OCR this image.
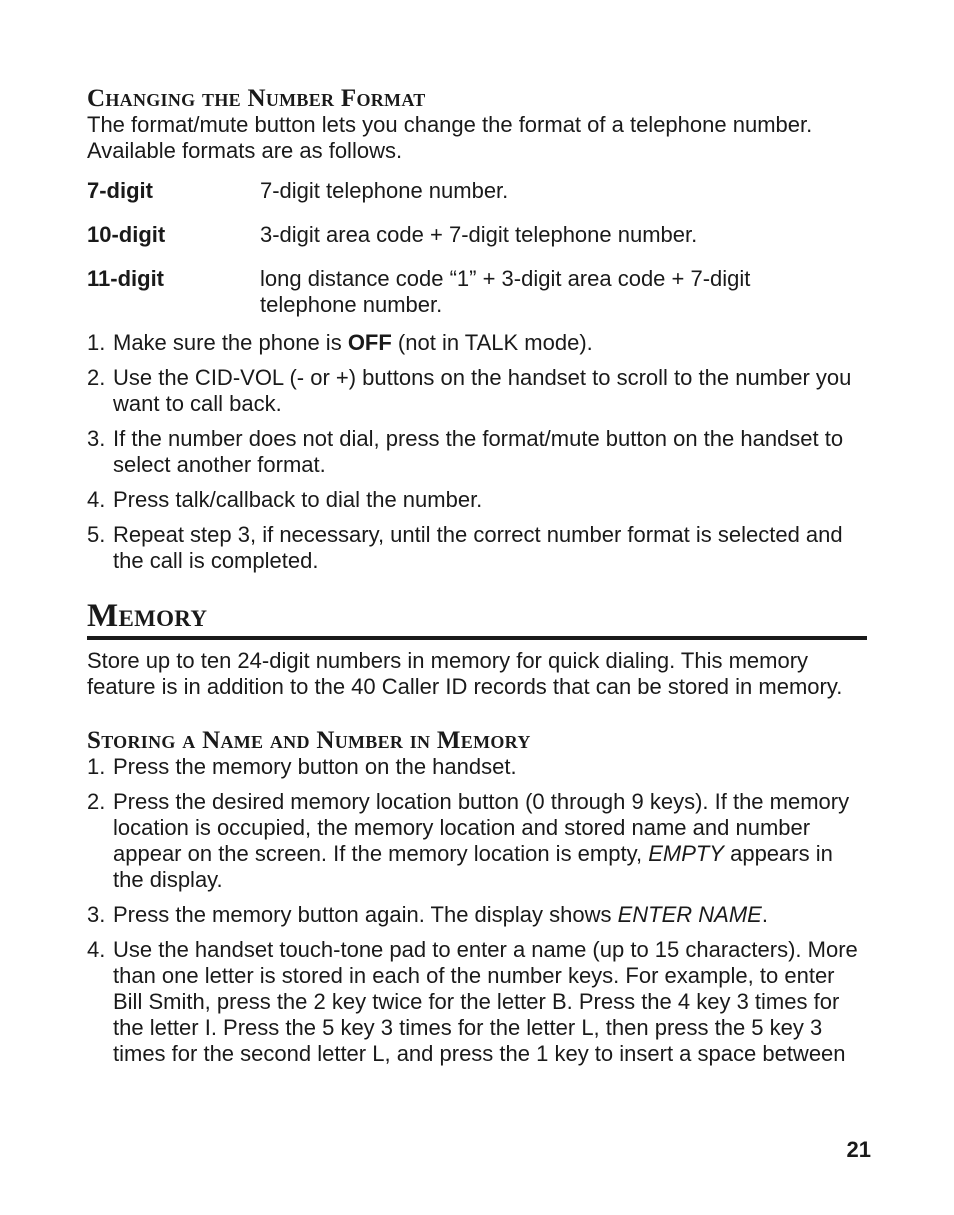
Changing the Number Format

The format/mute button lets you change the format of a telephone number. Available formats are as follows.

7-digit	7-digit telephone number.
10-digit	3-digit area code + 7-digit telephone number.
11-digit	long distance code “1” + 3-digit area code + 7-digit telephone number.
1. Make sure the phone is OFF (not in TALK mode).
2. Use the CID-VOL (- or +) buttons on the handset to scroll to the number you want to call back.
3. If the number does not dial, press the format/mute button on the handset to select another format.
4. Press talk/callback to dial the number.
5. Repeat step 3, if necessary, until the correct number format is selected and the call is completed.
Memory

Store up to ten 24-digit numbers in memory for quick dialing. This memory feature is in addition to the 40 Caller ID records that can be stored in memory.

Storing a Name and Number in Memory
1. Press the memory button on the handset.
2. Press the desired memory location button (0 through 9 keys). If the memory location is occupied, the memory location and stored name and number appear on the screen. If the memory location is empty, EMPTY appears in the display.
3. Press the memory button again. The display shows ENTER NAME.
4. Use the handset touch-tone pad to enter a name (up to 15 characters). More than one letter is stored in each of the number keys. For example, to enter Bill Smith, press the 2 key twice for the letter B. Press the 4 key 3 times for the letter I. Press the 5 key 3 times for the letter L, then press the 5 key 3 times for the second letter L, and press the 1 key to insert a space between
21
